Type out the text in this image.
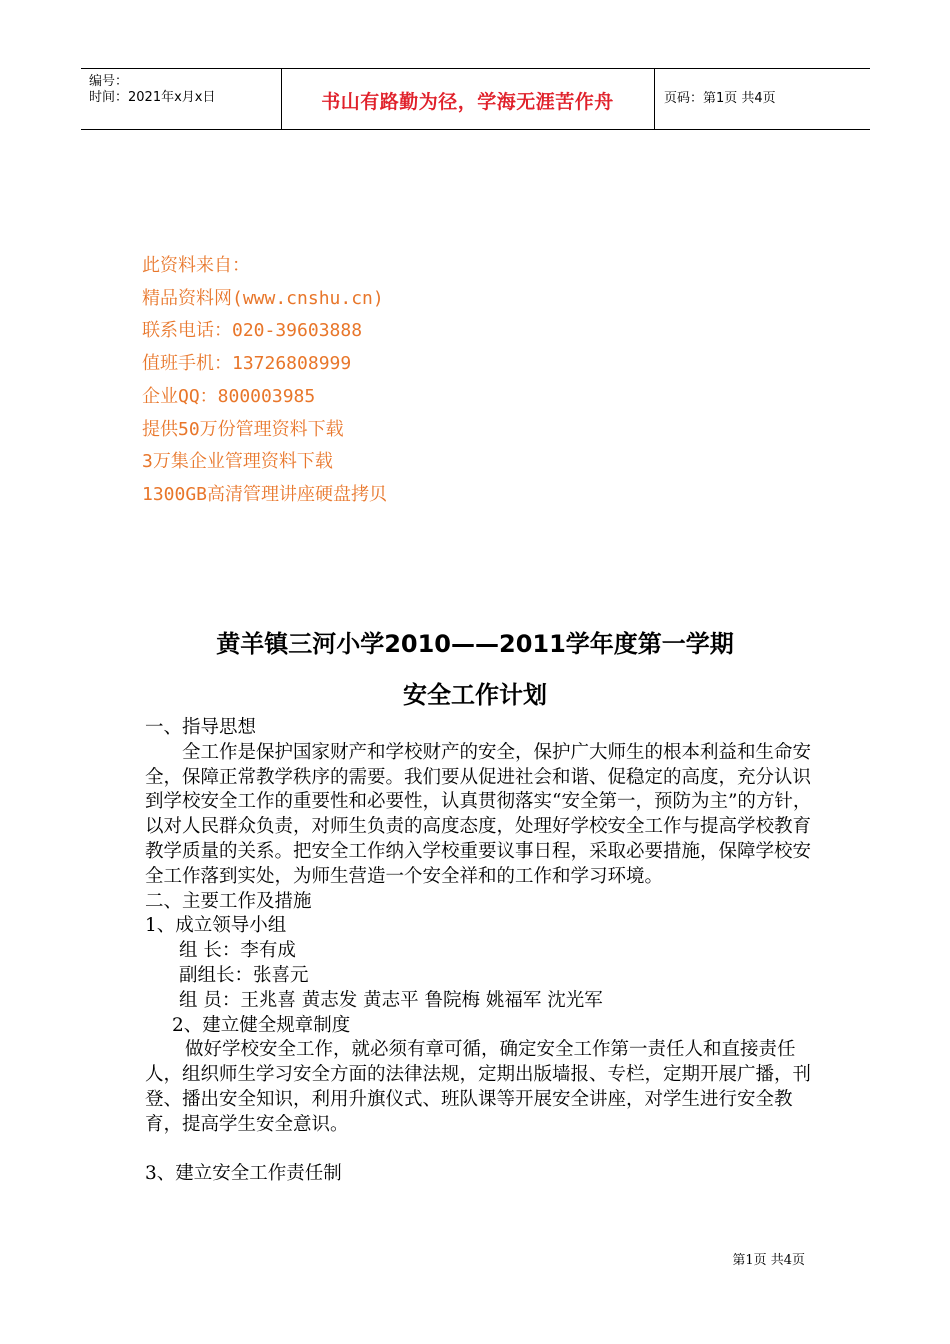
编号：
时间：2021年x月x日	书山有路勤为径，学海无涯苦作舟	页码：第1页 共4页
此资料来自：
精品资料网(www.cnshu.cn)
联系电话：020-39603888
值班手机：13726808999
企业QQ：800003985
提供50万份管理资料下载
3万集企业管理资料下载
1300GB高清管理讲座硬盘拷贝
黄羊镇三河小学2010——2011学年度第一学期
安全工作计划

一、指导思想

全工作是保护国家财产和学校财产的安全，保护广大师生的根本利益和生命安全，保障正常教学秩序的需要。我们要从促进社会和谐、促稳定的高度，充分认识到学校安全工作的重要性和必要性，认真贯彻落实“安全第一，预防为主”的方针，以对人民群众负责，对师生负责的高度态度，处理好学校安全工作与提高学校教育教学质量的关系。把安全工作纳入学校重要议事日程，采取必要措施，保障学校安全工作落到实处，为师生营造一个安全祥和的工作和学习环境。

二、主要工作及措施

1、成立领导小组

组 长：李有成

副组长：张喜元

组 员：王兆喜 黄志发 黄志平 鲁院梅 姚福军 沈光军

2、建立健全规章制度

做好学校安全工作，就必须有章可循，确定安全工作第一责任人和直接责任人，组织师生学习安全方面的法律法规，定期出版墙报、专栏，定期开展广播，刊登、播出安全知识，利用升旗仪式、班队课等开展安全讲座，对学生进行安全教育，提高学生安全意识。

3、建立安全工作责任制

第1页 共4页
